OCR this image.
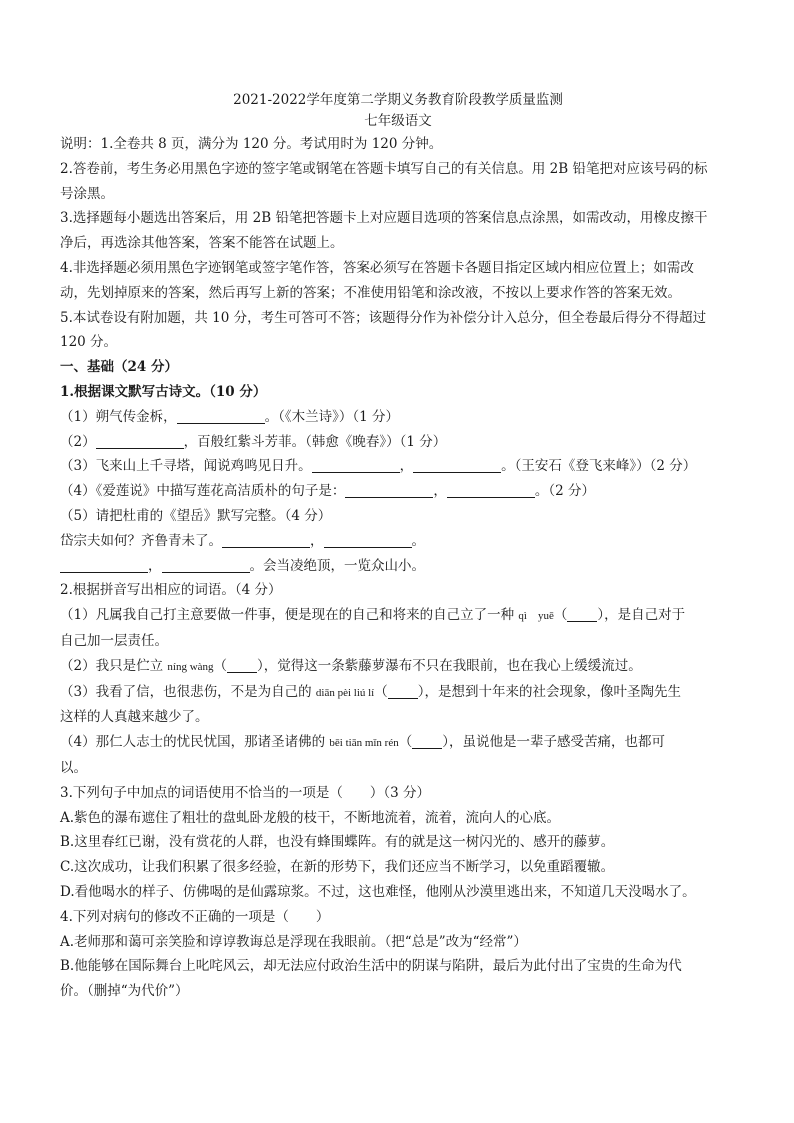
2021-2022学年度第二学期义务教育阶段教学质量监测

七年级语文

说明：1.全卷共 8 页，满分为 120 分。考试用时为 120 分钟。

2.答卷前，考生务必用黑色字迹的签字笔或钢笔在答题卡填写自己的有关信息。用 2B 铅笔把对应该号码的标

号涂黑。

3.选择题每小题选出答案后，用 2B 铅笔把答题卡上对应题目选项的答案信息点涂黑，如需改动，用橡皮擦干

净后，再选涂其他答案，答案不能答在试题上。

4.非选择题必须用黑色字迹钢笔或签字笔作答，答案必须写在答题卡各题目指定区域内相应位置上；如需改

动，先划掉原来的答案，然后再写上新的答案；不准使用铅笔和涂改液，不按以上要求作答的答案无效。

5.本试卷设有附加题，共 10 分，考生可答可不答；该题得分作为补偿分计入总分，但全卷最后得分不得超过

120 分。

一、基础（24 分）

1.根据课文默写古诗文。（10 分）

（1）朔气传金柝，	。（《木兰诗》）（1 分）

（2）	，百般红紫斗芳菲。（韩愈《晚春》）（1 分）

（3）飞来山上千寻塔，闻说鸡鸣见日升。	，	。（王安石《登飞来峰》）（2 分）

（4）《爱莲说》中描写莲花高洁质朴的句子是：	，	。（2 分）

（5）请把杜甫的《望岳》默写完整。（4 分）

岱宗夫如何？齐鲁青未了。	，	。

，	。会当凌绝顶，一览众山小。

2.根据拼音写出相应的词语。（4 分）

（1）凡属我自己打主意要做一件事，便是现在的自己和将来的自己立了一种 qì　yuē（ ），是自己对于

自己加一层责任。

（2）我只是伫立 níng wàng（ ），觉得这一条紫藤萝瀑布不只在我眼前，也在我心上缓缓流过。

（3）我看了信，也很悲伤，不是为自己的 diān pèi liú lí（ ），是想到十年来的社会现象，像叶圣陶先生

这样的人真越来越少了。

（4）那仁人志士的忧民忧国，那诸圣诸佛的 bēi tiān mǐn rén（ ），虽说他是一辈子感受苦痛，也都可

以。

3.下列句子中加点的词语使用不恰当的一项是（　　）（3 分）

A.紫色的瀑布遮住了粗壮的盘虬卧龙般的枝干，不断地流着，流着，流向人的心底。

B.这里春红已谢，没有赏花的人群，也没有蜂围蝶阵。有的就是这一树闪光的、感开的藤萝。

C.这次成功，让我们积累了很多经验，在新的形势下，我们还应当不断学习，以免重蹈覆辙。

D.看他喝水的样子、仿佛喝的是仙露琼浆。不过，这也难怪，他刚从沙漠里逃出来，不知道几天没喝水了。

4.下列对病句的修改不正确的一项是（　　）

A.老师那和蔼可亲笑脸和谆谆教诲总是浮现在我眼前。（把“总是”改为“经常”）

B.他能够在国际舞台上叱咤风云，却无法应付政治生活中的阴谋与陷阱，最后为此付出了宝贵的生命为代

价。（删掉“为代价”）
